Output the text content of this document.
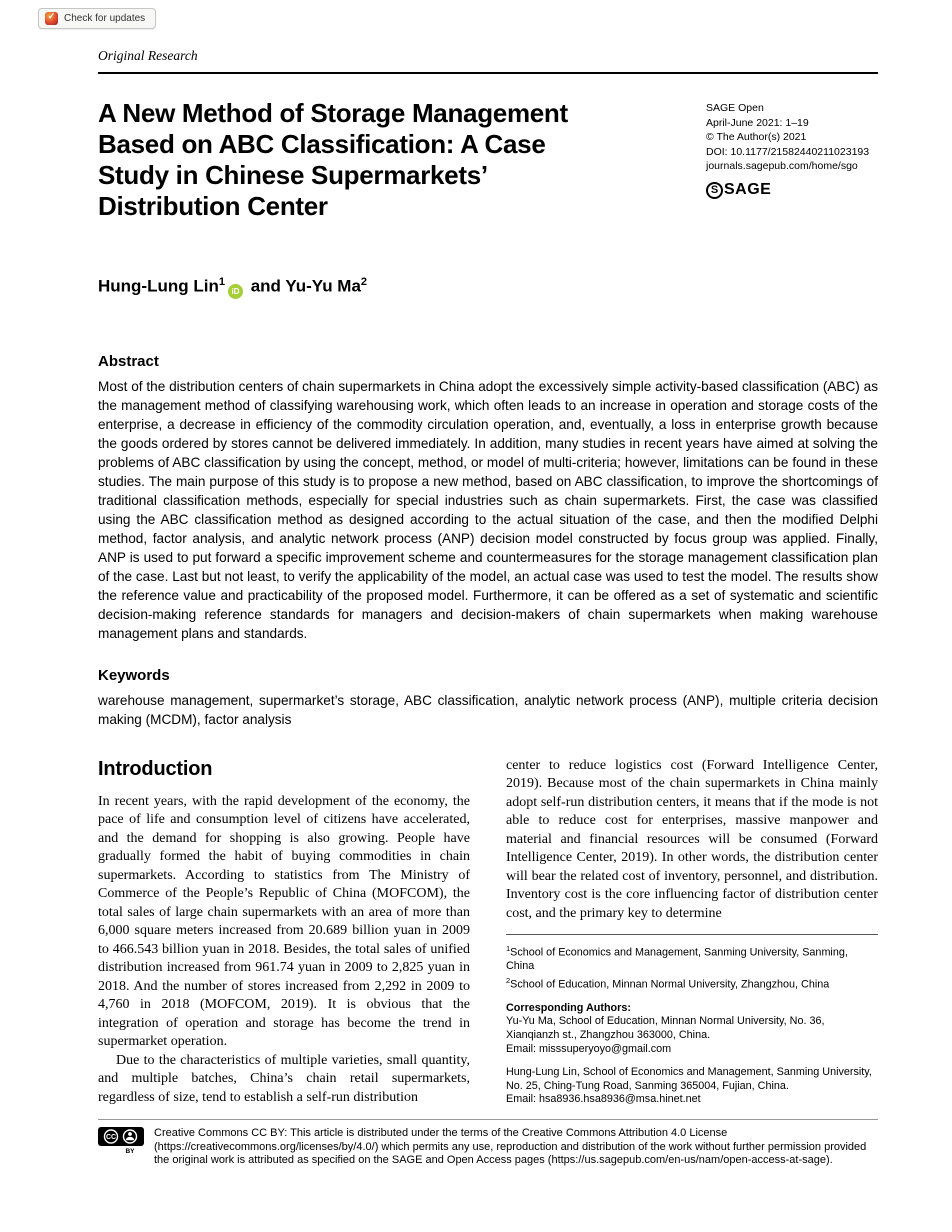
✓
Check for updates
Original Research
A New Method of Storage Management
Based on ABC Classification: A Case
Study in Chinese Supermarkets’
Distribution Center
SAGE Open
April-June 2021: 1–19
© The Author(s) 2021
DOI: 10.1177/21582440211023193
journals.sagepub.com/home/sgo
S SAGE
Hung-Lung Lin$^1$iD and Yu-Yu Ma$^2$
Abstract

Most of the distribution centers of chain supermarkets in China adopt the excessively simple activity-based classification (ABC) as the management method of classifying warehousing work, which often leads to an increase in operation and storage costs of the enterprise, a decrease in efficiency of the commodity circulation operation, and, eventually, a loss in enterprise growth because the goods ordered by stores cannot be delivered immediately. In addition, many studies in recent years have aimed at solving the problems of ABC classification by using the concept, method, or model of multi-criteria; however, limitations can be found in these studies. The main purpose of this study is to propose a new method, based on ABC classification, to improve the shortcomings of traditional classification methods, especially for special industries such as chain supermarkets. First, the case was classified using the ABC classification method as designed according to the actual situation of the case, and then the modified Delphi method, factor analysis, and analytic network process (ANP) decision model constructed by focus group was applied. Finally, ANP is used to put forward a specific improvement scheme and countermeasures for the storage management classification plan of the case. Last but not least, to verify the applicability of the model, an actual case was used to test the model. The results show the reference value and practicability of the proposed model. Furthermore, it can be offered as a set of systematic and scientific decision-making reference standards for managers and decision-makers of chain supermarkets when making warehouse management plans and standards.

Keywords

warehouse management, supermarket’s storage, ABC classification, analytic network process (ANP), multiple criteria decision making (MCDM), factor analysis

Introduction

In recent years, with the rapid development of the economy, the pace of life and consumption level of citizens have accelerated, and the demand for shopping is also growing. People have gradually formed the habit of buying commodities in chain supermarkets. According to statistics from The Ministry of Commerce of the People’s Republic of China (MOFCOM), the total sales of large chain supermarkets with an area of more than 6,000 square meters increased from 20.689 billion yuan in 2009 to 466.543 billion yuan in 2018. Besides, the total sales of unified distribution increased from 961.74 yuan in 2009 to 2,825 yuan in 2018. And the number of stores increased from 2,292 in 2009 to 4,760 in 2018 (MOFCOM, 2019). It is obvious that the integration of operation and storage has become the trend in supermarket operation.

Due to the characteristics of multiple varieties, small quantity, and multiple batches, China’s chain retail supermarkets, regardless of size, tend to establish a self-run distribution

center to reduce logistics cost (Forward Intelligence Center, 2019). Because most of the chain supermarkets in China mainly adopt self-run distribution centers, it means that if the mode is not able to reduce cost for enterprises, massive manpower and material and financial resources will be consumed (Forward Intelligence Center, 2019). In other words, the distribution center will bear the related cost of inventory, personnel, and distribution. Inventory cost is the core influencing factor of distribution center cost, and the primary key to determine

$^1$School of Economics and Management, Sanming University, Sanming, China
$^2$School of Education, Minnan Normal University, Zhangzhou, China
Corresponding Authors:
Yu-Yu Ma, School of Education, Minnan Normal University, No. 36, Xianqianzh st., Zhangzhou 363000, China.
Email: misssuperyoyo@gmail.com
Hung-Lung Lin, School of Economics and Management, Sanming University, No. 25, Ching-Tung Road, Sanming 365004, Fujian, China.
Email: hsa8936.hsa8936@msa.hinet.net
CC
BY

Creative Commons CC BY: This article is distributed under the terms of the Creative Commons Attribution 4.0 License (https://creativecommons.org/licenses/by/4.0/) which permits any use, reproduction and distribution of the work without further permission provided the original work is attributed as specified on the SAGE and Open Access pages (https://us.sagepub.com/en-us/nam/open-access-at-sage).
